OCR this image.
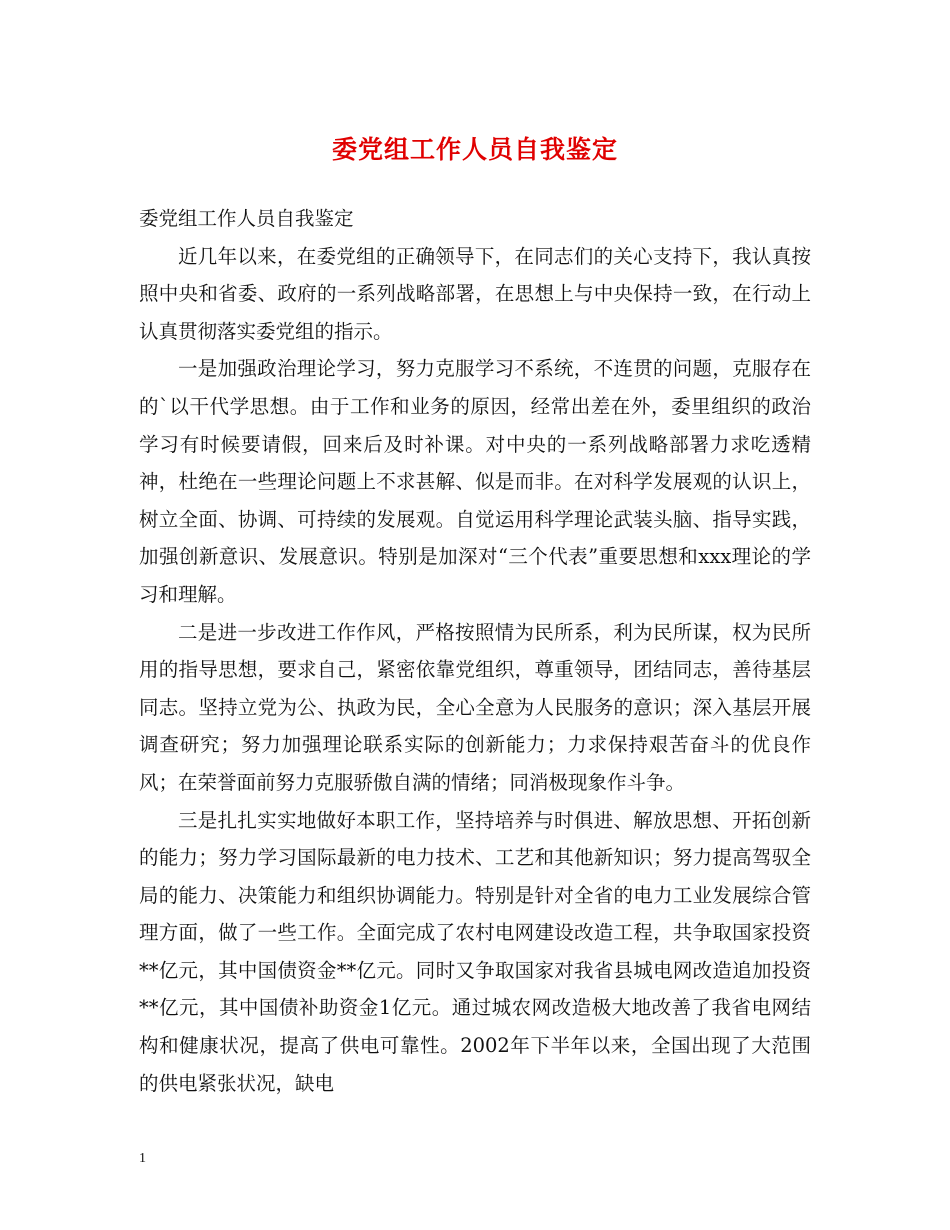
委党组工作人员自我鉴定

委党组工作人员自我鉴定

近几年以来，在委党组的正确领导下，在同志们的关心支持下，我认真按照中央和省委、政府的一系列战略部署，在思想上与中央保持一致，在行动上认真贯彻落实委党组的指示。

一是加强政治理论学习，努力克服学习不系统，不连贯的问题，克服存在的`以干代学思想。由于工作和业务的原因，经常出差在外，委里组织的政治学习有时候要请假，回来后及时补课。对中央的一系列战略部署力求吃透精神，杜绝在一些理论问题上不求甚解、似是而非。在对科学发展观的认识上，树立全面、协调、可持续的发展观。自觉运用科学理论武装头脑、指导实践，加强创新意识、发展意识。特别是加深对“三个代表”重要思想和xxx理论的学习和理解。

二是进一步改进工作作风，严格按照情为民所系，利为民所谋，权为民所用的指导思想，要求自己，紧密依靠党组织，尊重领导，团结同志，善待基层同志。坚持立党为公、执政为民，全心全意为人民服务的意识；深入基层开展调查研究；努力加强理论联系实际的创新能力；力求保持艰苦奋斗的优良作风；在荣誉面前努力克服骄傲自满的情绪；同消极现象作斗争。

三是扎扎实实地做好本职工作，坚持培养与时俱进、解放思想、开拓创新的能力；努力学习国际最新的电力技术、工艺和其他新知识；努力提高驾驭全局的能力、决策能力和组织协调能力。特别是针对全省的电力工业发展综合管理方面，做了一些工作。全面完成了农村电网建设改造工程，共争取国家投资**亿元，其中国债资金**亿元。同时又争取国家对我省县城电网改造追加投资**亿元，其中国债补助资金1亿元。通过城农网改造极大地改善了我省电网结构和健康状况，提高了供电可靠性。2002年下半年以来，全国出现了大范围的供电紧张状况，缺电

1
